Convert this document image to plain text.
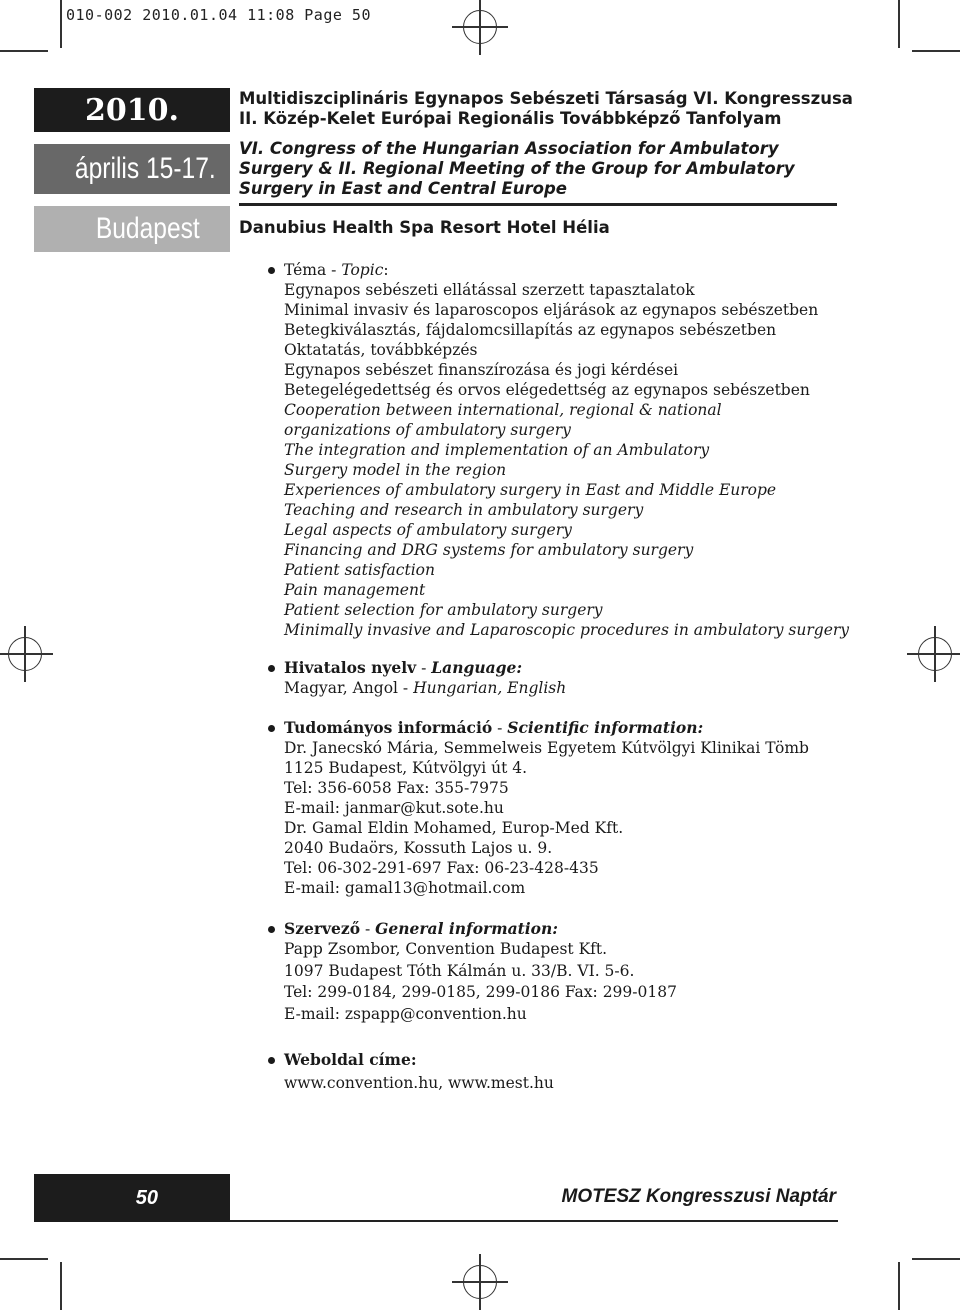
010-002 2010.01.04 11:08 Page 50
2010.
április 15-17.
Budapest
Multidiszciplináris Egynapos Sebészeti Társaság VI. Kongresszusa
II. Közép-Kelet Európai Regionális Továbbképző Tanfolyam
VI. Congress of the Hungarian Association for Ambulatory
Surgery & II. Regional Meeting of the Group for Ambulatory
Surgery in East and Central Europe
Danubius Health Spa Resort Hotel Hélia
Téma - Topic:
Egynapos sebészeti ellátással szerzett tapasztalatok
Minimal invasiv és laparoscopos eljárások az egynapos sebészetben
Betegkiválasztás, fájdalomcsillapítás az egynapos sebészetben
Oktatatás, továbbképzés
Egynapos sebészet finanszírozása és jogi kérdései
Betegelégedettség és orvos elégedettség az egynapos sebészetben
Cooperation between international, regional & national
organizations of ambulatory surgery
The integration and implementation of an Ambulatory
Surgery model in the region
Experiences of ambulatory surgery in East and Middle Europe
Teaching and research in ambulatory surgery
Legal aspects of ambulatory surgery
Financing and DRG systems for ambulatory surgery
Patient satisfaction
Pain management
Patient selection for ambulatory surgery
Minimally invasive and Laparoscopic procedures in ambulatory surgery
Hivatalos nyelv - Language:
Magyar, Angol - Hungarian, English
Tudományos információ - Scientific information:
Dr. Janecskó Mária, Semmelweis Egyetem Kútvölgyi Klinikai Tömb
1125 Budapest, Kútvölgyi út 4.
Tel: 356-6058 Fax: 355-7975
E-mail: janmar@kut.sote.hu
Dr. Gamal Eldin Mohamed, Europ-Med Kft.
2040 Budaörs, Kossuth Lajos u. 9.
Tel: 06-302-291-697 Fax: 06-23-428-435
E-mail: gamal13@hotmail.com
Szervező - General information:
Papp Zsombor, Convention Budapest Kft.
1097 Budapest Tóth Kálmán u. 33/B. VI. 5-6.
Tel: 299-0184, 299-0185, 299-0186 Fax: 299-0187
E-mail: zspapp@convention.hu
Weboldal címe:
www.convention.hu, www.mest.hu
50	MOTESZ Kongresszusi Naptár
